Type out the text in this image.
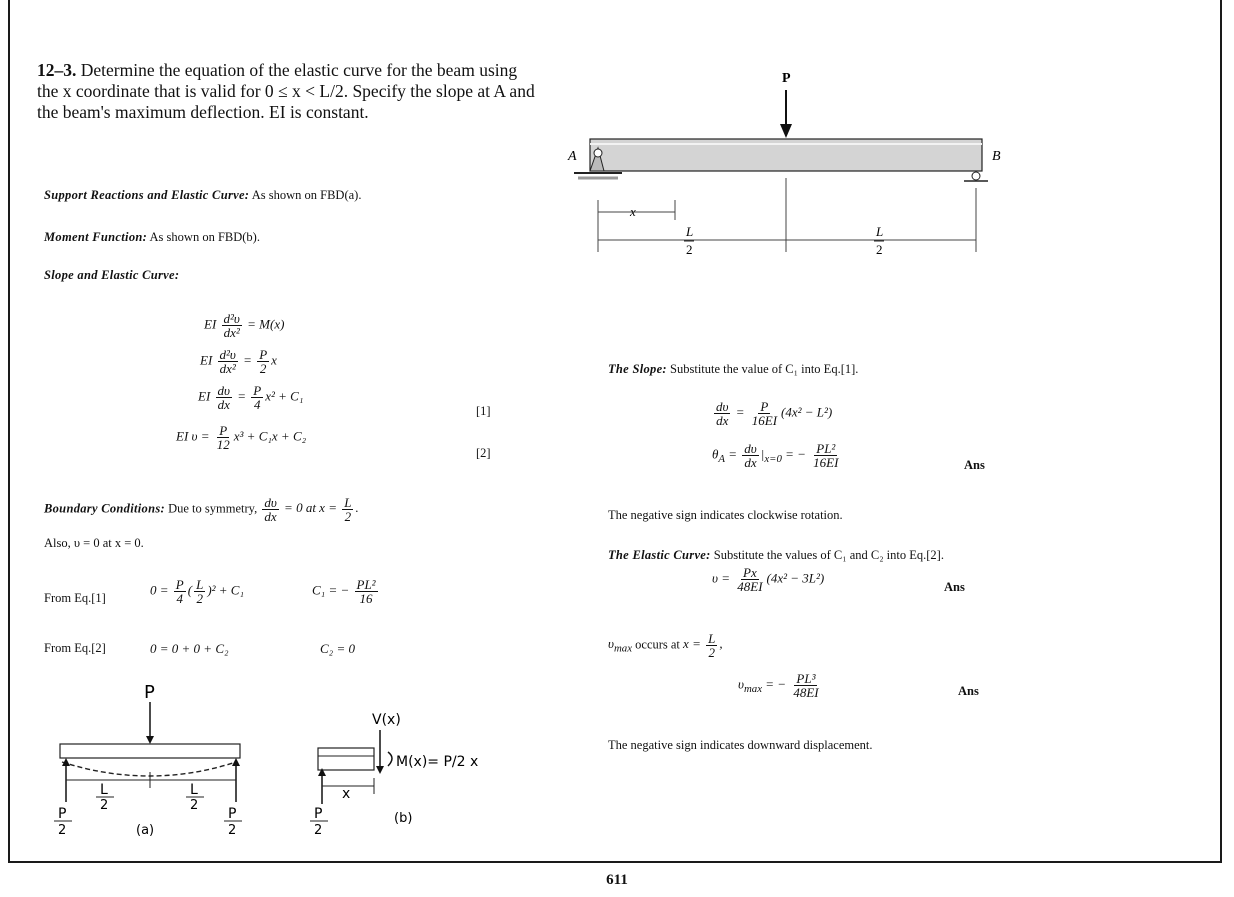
12–3. Determine the equation of the elastic curve for the beam using the x coordinate that is valid for 0 ≤ x < L/2. Specify the slope at A and the beam's maximum deflection. EI is constant.
P
A	B
x
L
2
L
2
Support Reactions and Elastic Curve: As shown on FBD(a).
Moment Function: As shown on FBD(b).
Slope and Elastic Curve:
EI $\frac{\text{d²υ}}{\text{dx²}} = M(x)$
EI $\frac{\text{d²υ}}{\text{dx²}} = \frac{P}{2}$ x
EI $\frac{d\upsilon}{dx} = \frac{P}{4} x^2 + C_1$
[1]
EI $\upsilon = \frac{P}{12} x^3 + C_1x + C_2$
[2]
Boundary Conditions: Due to symmetry, $\frac{d\upsilon}{dx} = 0$ at $x = \frac{L}{2}$ .
Also, υ = 0 at x = 0.
From Eq.[1]
$0 = \frac{P}{4}$ ( $\frac{L}{2} )^2 + C_1$	C₁ = − $\frac{\text{PL²}}{16}$
From Eq.[2]	0 = 0 + 0 + C₂	C₂ = 0
P
L
2
L
2
P
2
P
2
(a)
V(x)
M(x)= P/2 x
x
P
2
(b)
The Slope: Substitute the value of C₁ into Eq.[1].
$\frac{d\upsilon}{dx} = \frac{P}{16EI} (4x^2 - L^2)$
$\theta_A = \frac{d\upsilon}{dx} |_{x=0}$ = − $\frac{\text{PL²}}{16EI}$	Ans
The negative sign indicates clockwise rotation.
The Elastic Curve: Substitute the values of C₁ and C₂ into Eq.[2].
$\upsilon = \frac{Px}{48EI} (4x^2 - 3L^2)$
Ans
$\upsilon_{max}$ occurs at $x = \frac{L}{2}$ ,
$\upsilon_{max}$ = − $\frac{\text{PL³}}{48EI}$	Ans
The negative sign indicates downward displacement.
611
